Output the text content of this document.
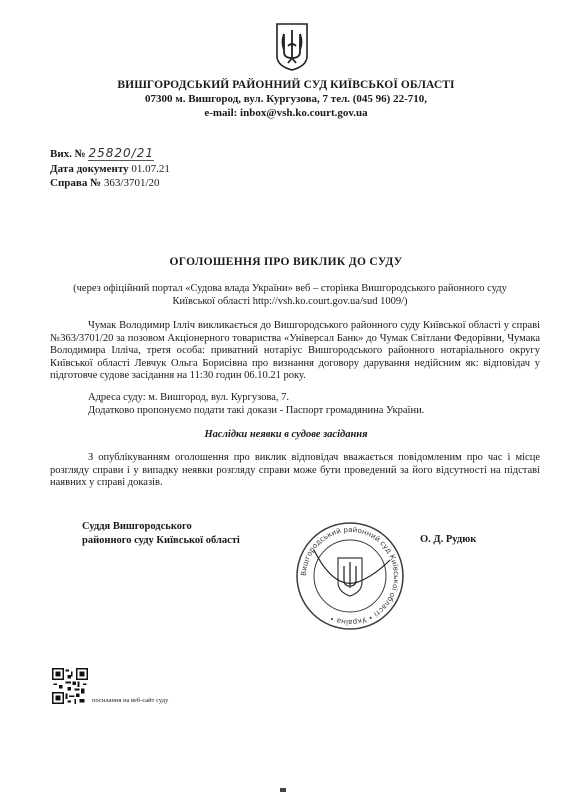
ВИШГОРОДСЬКИЙ РАЙОННИЙ СУД КИЇВСЬКОЇ ОБЛАСТІ
07300 м. Вишгород, вул. Кургузова, 7 тел. (045 96) 22-710,
e-mail: inbox@vsh.ko.court.gov.ua
Вих. № 25820/21
Дата документу 01.07.21
Справа № 363/3701/20
ОГОЛОШЕННЯ ПРО ВИКЛИК ДО СУДУ
(через офіційний портал «Судова влада України» веб – сторінка Вишгородського районного суду
Київської області http://vsh.ko.court.gov.ua/sud 1009/)
Чумак Володимир Ілліч викликається до Вишгородського районного суду Київської області у справі №363/3701/20 за позовом Акціонерного товариства «Універсал Банк» до Чумак Світлани Федорівни, Чумака Володимира Ілліча, третя особа: приватний нотаріус Вишгородського районного нотаріального округу Київської області Левчук Ольга Борисівна про визнання договору дарування недійсним як: відповідач у підготовче судове засідання на 11:30 годин 06.10.21 року.
Адреса суду: м. Вишгород, вул. Кургузова, 7.
Додатково пропонуємо подати такі докази - Паспорт громадянина України.
Наслідки неявки в судове засідання
З опублікуванням оголошення про виклик відповідач вважається повідомленим про час і місце розгляду справи і у випадку неявки розгляду справи може бути проведений за його відсутності на підставі наявних у справі доказів.
Суддя Вишгородського
районного суду Київської області
Вишгородський районний суд Київської області • Україна •
О. Д. Рудюк
посилання на веб-сайт суду
